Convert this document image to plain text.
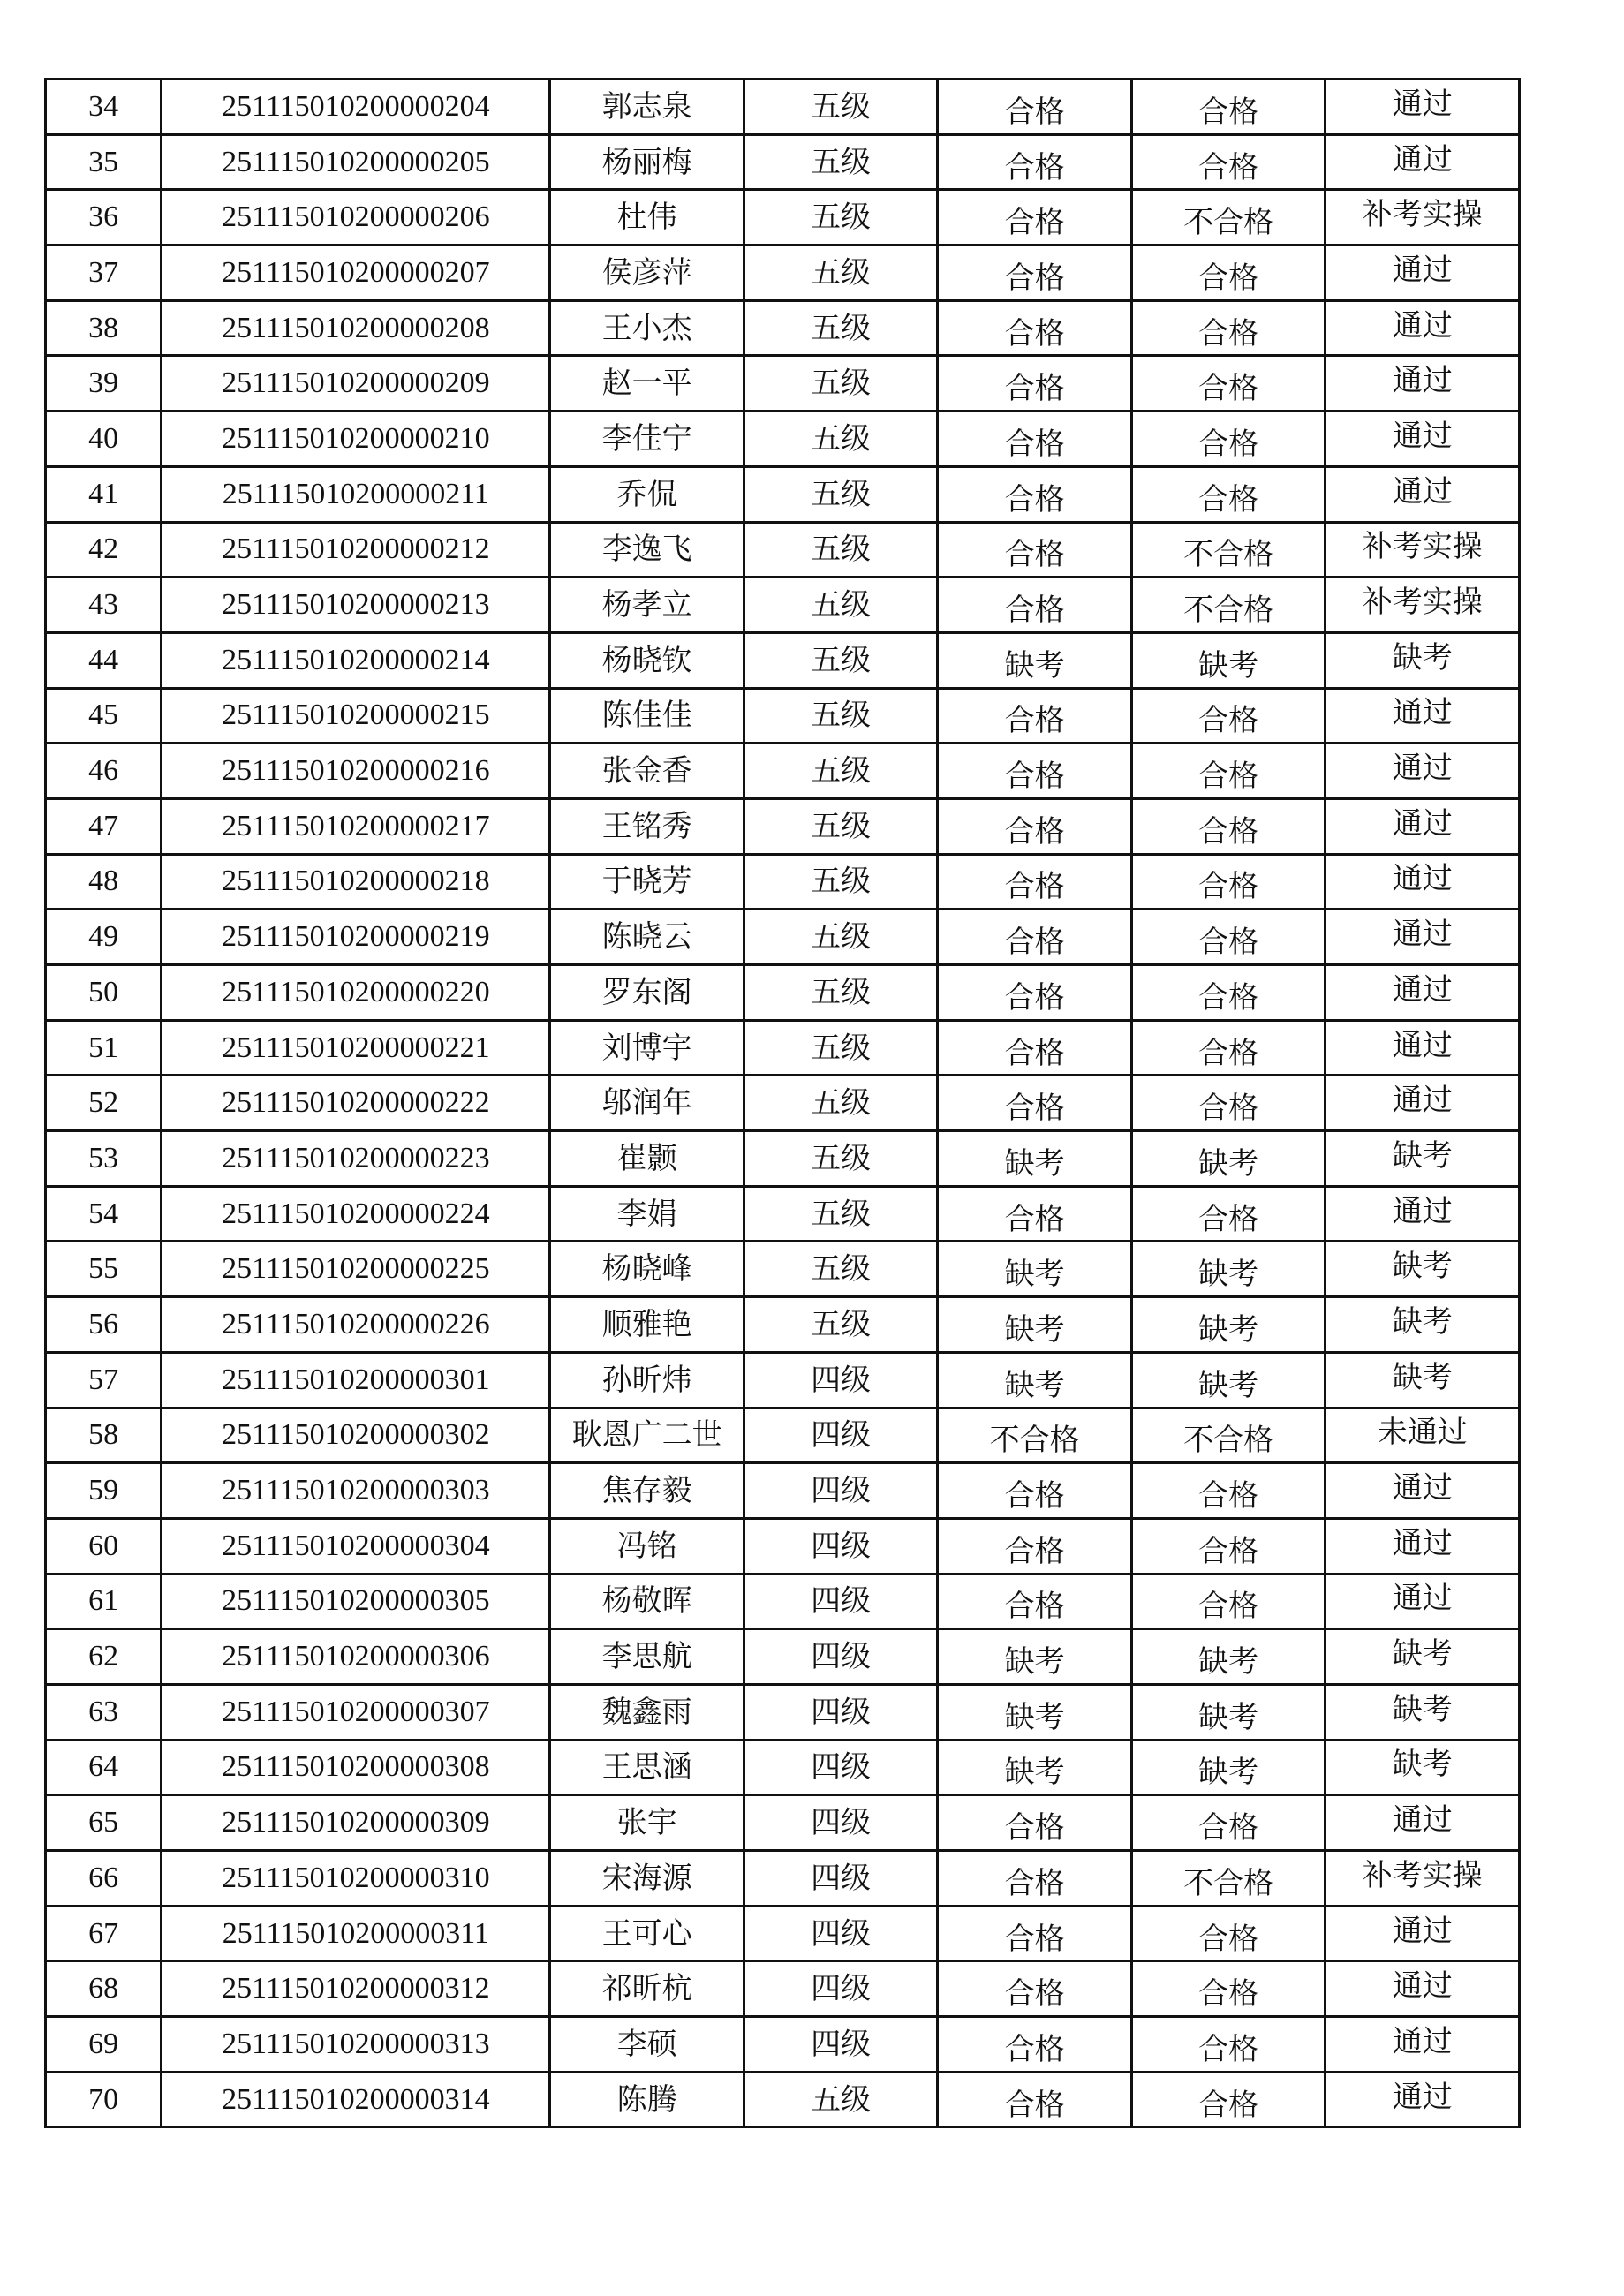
34	251115010200000204	郭志泉	五级	合格	合格	通过
35	251115010200000205	杨丽梅	五级	合格	合格	通过
36	251115010200000206	杜伟	五级	合格	不合格	补考实操
37	251115010200000207	侯彦萍	五级	合格	合格	通过
38	251115010200000208	王小杰	五级	合格	合格	通过
39	251115010200000209	赵一平	五级	合格	合格	通过
40	251115010200000210	李佳宁	五级	合格	合格	通过
41	251115010200000211	乔侃	五级	合格	合格	通过
42	251115010200000212	李逸飞	五级	合格	不合格	补考实操
43	251115010200000213	杨孝立	五级	合格	不合格	补考实操
44	251115010200000214	杨晓钦	五级	缺考	缺考	缺考
45	251115010200000215	陈佳佳	五级	合格	合格	通过
46	251115010200000216	张金香	五级	合格	合格	通过
47	251115010200000217	王铭秀	五级	合格	合格	通过
48	251115010200000218	于晓芳	五级	合格	合格	通过
49	251115010200000219	陈晓云	五级	合格	合格	通过
50	251115010200000220	罗东阁	五级	合格	合格	通过
51	251115010200000221	刘博宇	五级	合格	合格	通过
52	251115010200000222	邬润年	五级	合格	合格	通过
53	251115010200000223	崔颢	五级	缺考	缺考	缺考
54	251115010200000224	李娟	五级	合格	合格	通过
55	251115010200000225	杨晓峰	五级	缺考	缺考	缺考
56	251115010200000226	顺雅艳	五级	缺考	缺考	缺考
57	251115010200000301	孙昕炜	四级	缺考	缺考	缺考
58	251115010200000302	耿恩广二世	四级	不合格	不合格	未通过
59	251115010200000303	焦存毅	四级	合格	合格	通过
60	251115010200000304	冯铭	四级	合格	合格	通过
61	251115010200000305	杨敬晖	四级	合格	合格	通过
62	251115010200000306	李思航	四级	缺考	缺考	缺考
63	251115010200000307	魏鑫雨	四级	缺考	缺考	缺考
64	251115010200000308	王思涵	四级	缺考	缺考	缺考
65	251115010200000309	张宇	四级	合格	合格	通过
66	251115010200000310	宋海源	四级	合格	不合格	补考实操
67	251115010200000311	王可心	四级	合格	合格	通过
68	251115010200000312	祁昕杭	四级	合格	合格	通过
69	251115010200000313	李硕	四级	合格	合格	通过
70	251115010200000314	陈腾	五级	合格	合格	通过
